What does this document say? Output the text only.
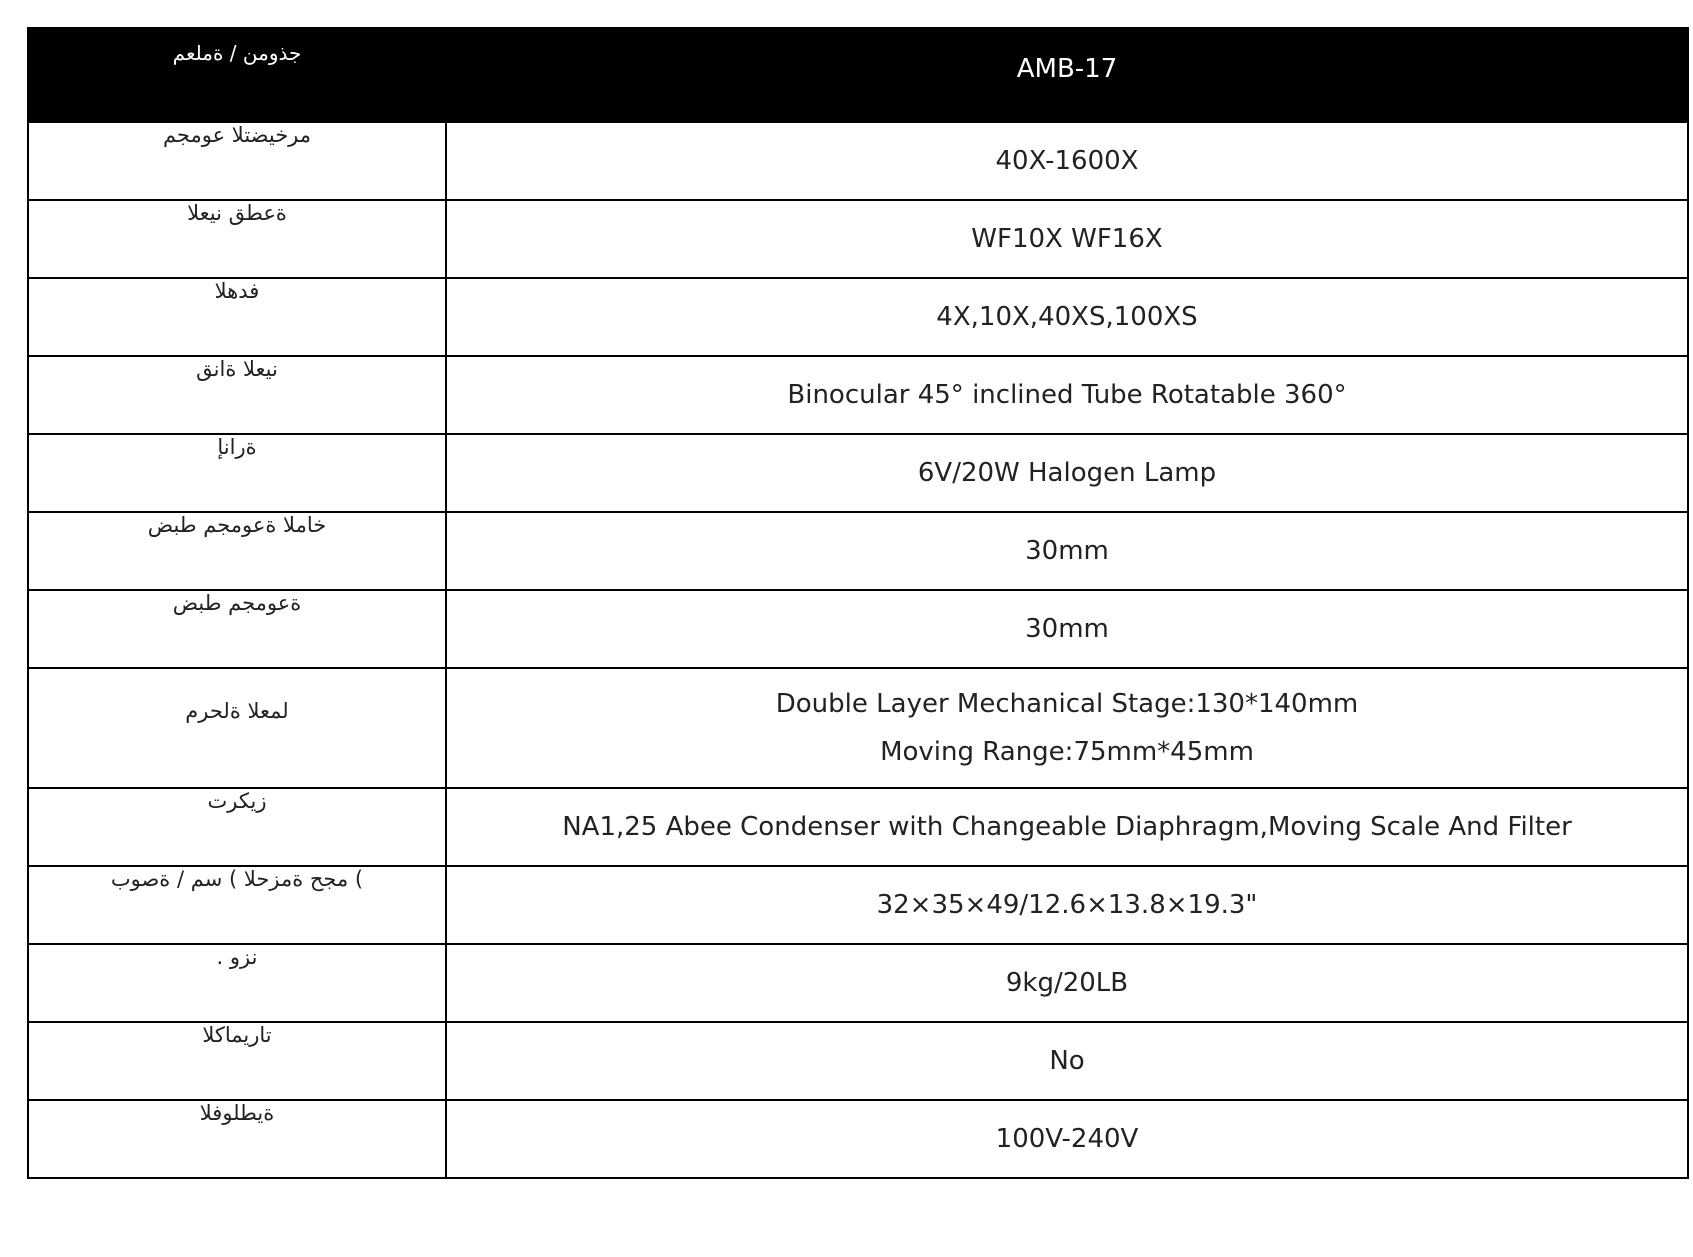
جذومن / ةملعم	AMB-17
مرخيضتلا عومجم	40X-1600X
ةعطق نيعلا	WF10X WF16X
فدهلا	4X,10X,40XS,100XS
نيعلا ةانق	Binocular 45° inclined Tube Rotatable 360°
ةرانإ	6V/20W Halogen Lamp
خاملا ةعومجم طبض	30mm
ةعومجم طبض	30mm
لمعلا ةلحرم	Double Layer Mechanical Stage:130*140mm
Moving Range:75mm*45mm

زيكرت	NA1,25 Abee Condenser with Changeable Diaphragm,Moving Scale And Filter
مجح ةمزحلا ) سم / ةصوب (	32×35×49/12.6×13.8×19.3"
. نزو	9kg/20LB
تاريماكلا	No
ةيطلوفلا	100V-240V
